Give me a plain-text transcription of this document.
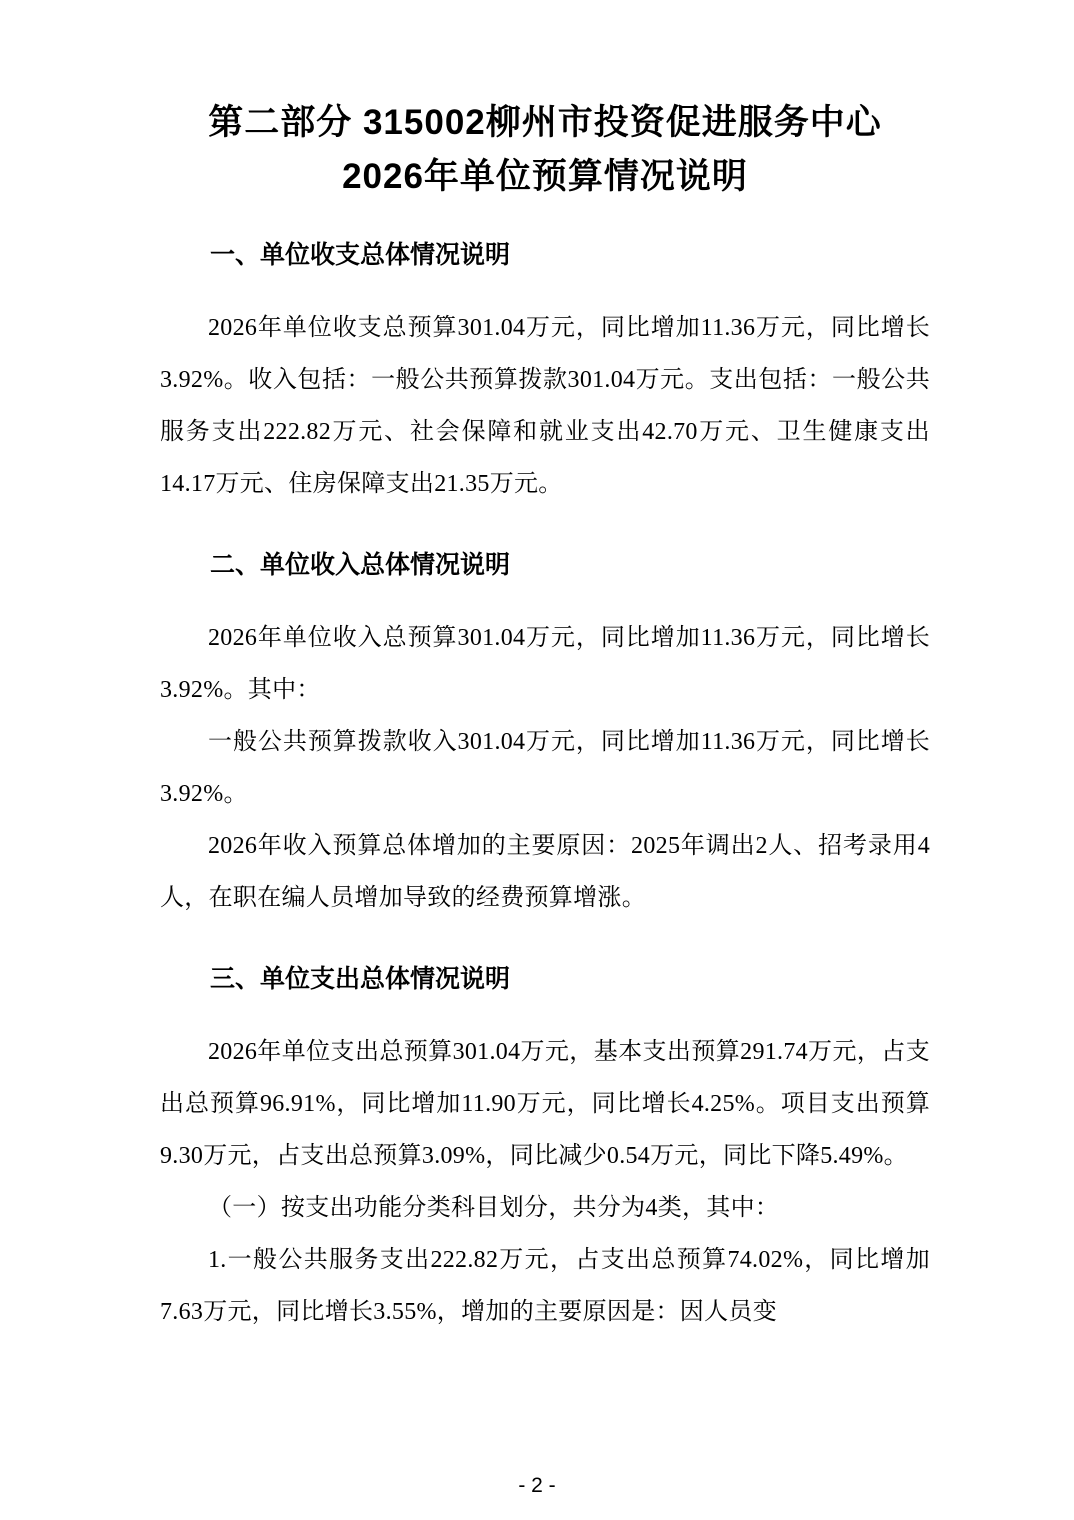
第二部分 315002柳州市投资促进服务中心
2026年单位预算情况说明
一、单位收支总体情况说明

2026年单位收支总预算301.04万元，同比增加11.36万元，同比增长3.92%。收入包括：一般公共预算拨款301.04万元。支出包括：一般公共服务支出222.82万元、社会保障和就业支出42.70万元、卫生健康支出14.17万元、住房保障支出21.35万元。

二、单位收入总体情况说明

2026年单位收入总预算301.04万元，同比增加11.36万元，同比增长3.92%。其中：

一般公共预算拨款收入301.04万元，同比增加11.36万元，同比增长3.92%。

2026年收入预算总体增加的主要原因：2025年调出2人、招考录用4人，在职在编人员增加导致的经费预算增涨。

三、单位支出总体情况说明

2026年单位支出总预算301.04万元，基本支出预算291.74万元，占支出总预算96.91%，同比增加11.90万元，同比增长4.25%。项目支出预算9.30万元，占支出总预算3.09%，同比减少0.54万元，同比下降5.49%。

（一）按支出功能分类科目划分，共分为4类，其中：

1.一般公共服务支出222.82万元，占支出总预算74.02%，同比增加7.63万元，同比增长3.55%，增加的主要原因是：因人员变

- 2 -
